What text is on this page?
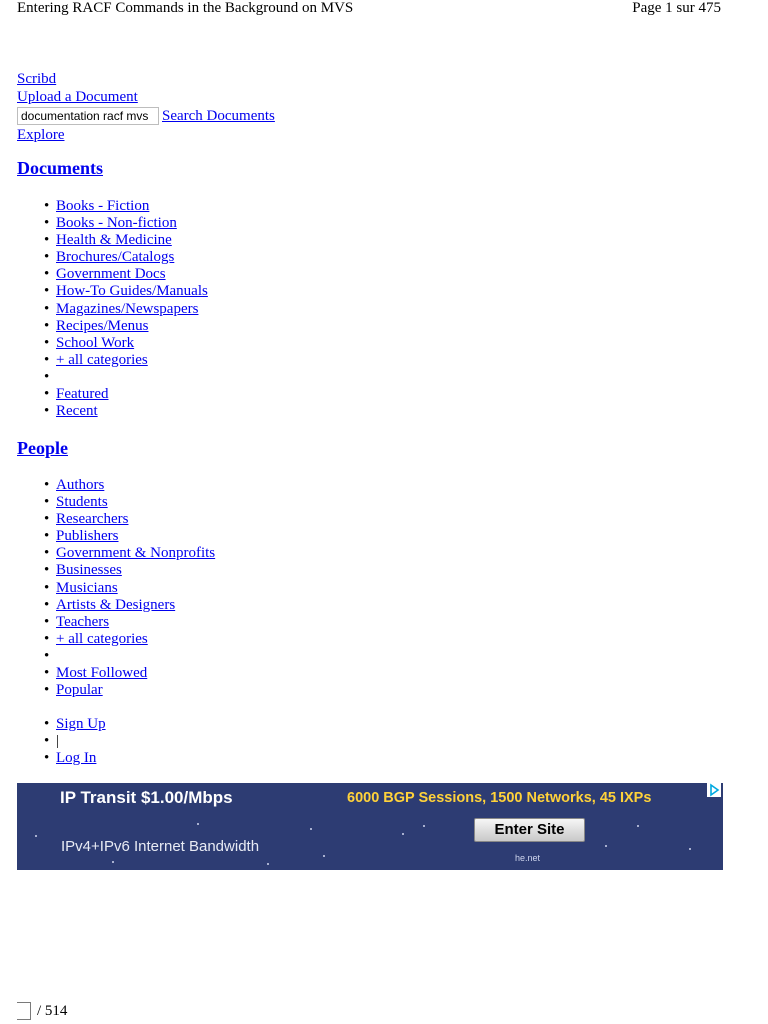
Entering RACF Commands in the Background on MVS	Page 1 sur 475
Scribd
Upload a Document
documentation racf mvs
Search Documents
Explore
Documents
• Books - Fiction
• Books - Non-fiction
• Health & Medicine
• Brochures/Catalogs
• Government Docs
• How-To Guides/Manuals
• Magazines/Newspapers
• Recipes/Menus
• School Work
• + all categories
•
• Featured
• Recent
People
• Authors
• Students
• Researchers
• Publishers
• Government & Nonprofits
• Businesses
• Musicians
• Artists & Designers
• Teachers
• + all categories
•
• Most Followed
• Popular
• Sign Up
• |
• Log In
IP Transit $1.00/Mbps
IPv4+IPv6 Internet Bandwidth
6000 BGP Sessions, 1500 Networks, 45 IXPs
Enter Site
he.net
/ 514
